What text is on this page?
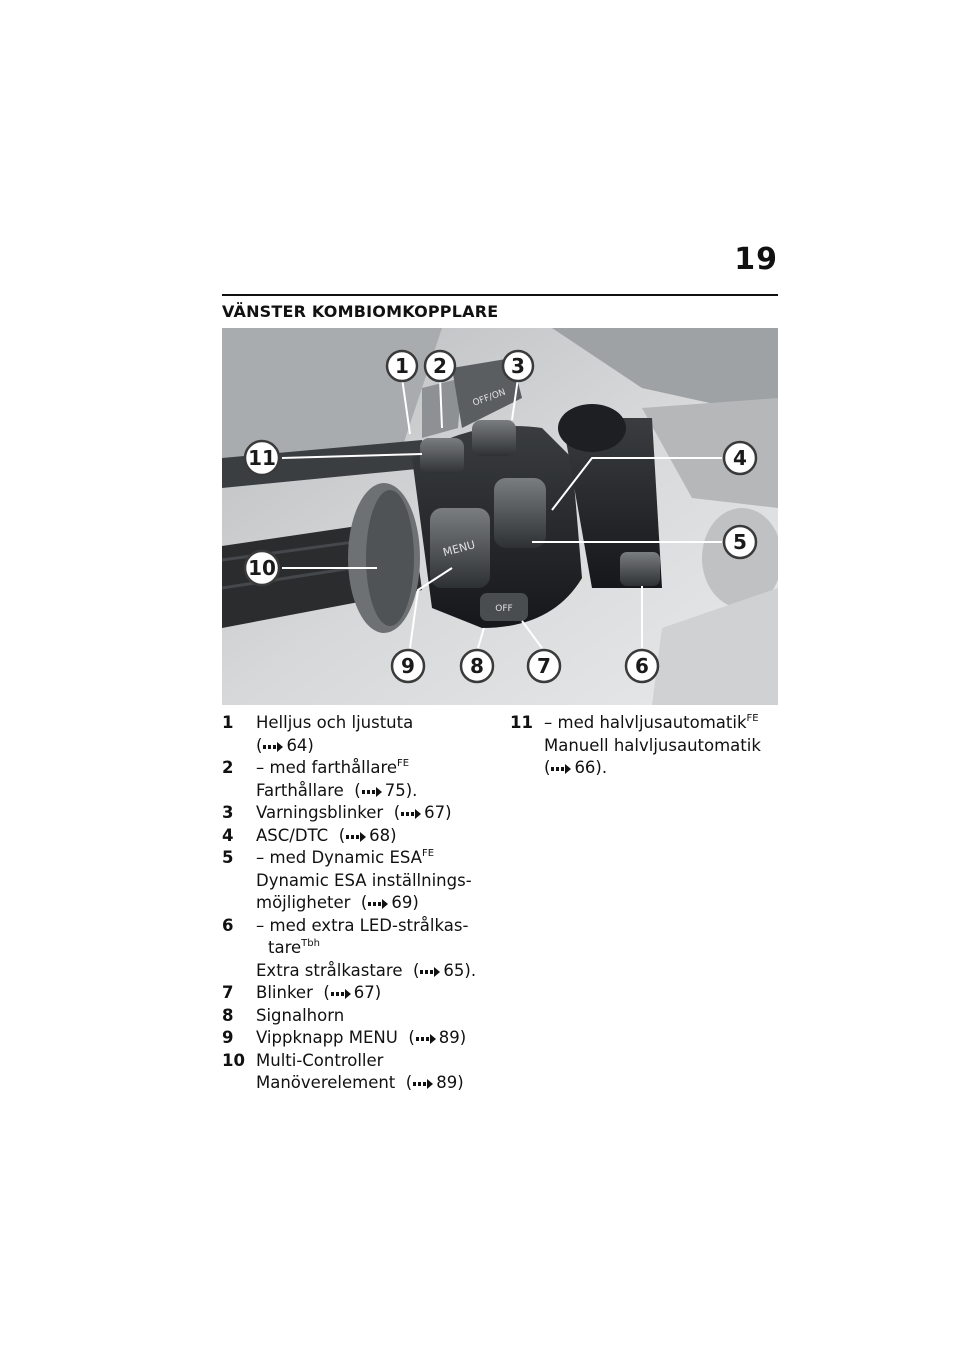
19
VÄNSTER KOMBIOMKOPPLARE
MENU
OFF/ON
OFF
1 2	3
4
5
6
7
8
9
10
11
1	Helljus och ljustuta
( 64)
2	– med farthållare$^{FE}$
Farthållare ( 75).
3	Varningsblinker ( 67)
4	ASC/DTC ( 68)
5	– med Dynamic $ESA^{FE}$
Dynamic ESA inställnings-
möjligheter ( 69)
6	– med extra LED-strålkas-
tare$^{Tbh}$
Extra strålkastare ( 65).
7	Blinker ( 67)
8	Signalhorn
9	Vippknapp MENU ( 89)
10 Multi-Controller
Manöverelement ( 89)
11 – med halvljusautomatik$^{FE}$
Manuell halvljusautomatik
( 66).
